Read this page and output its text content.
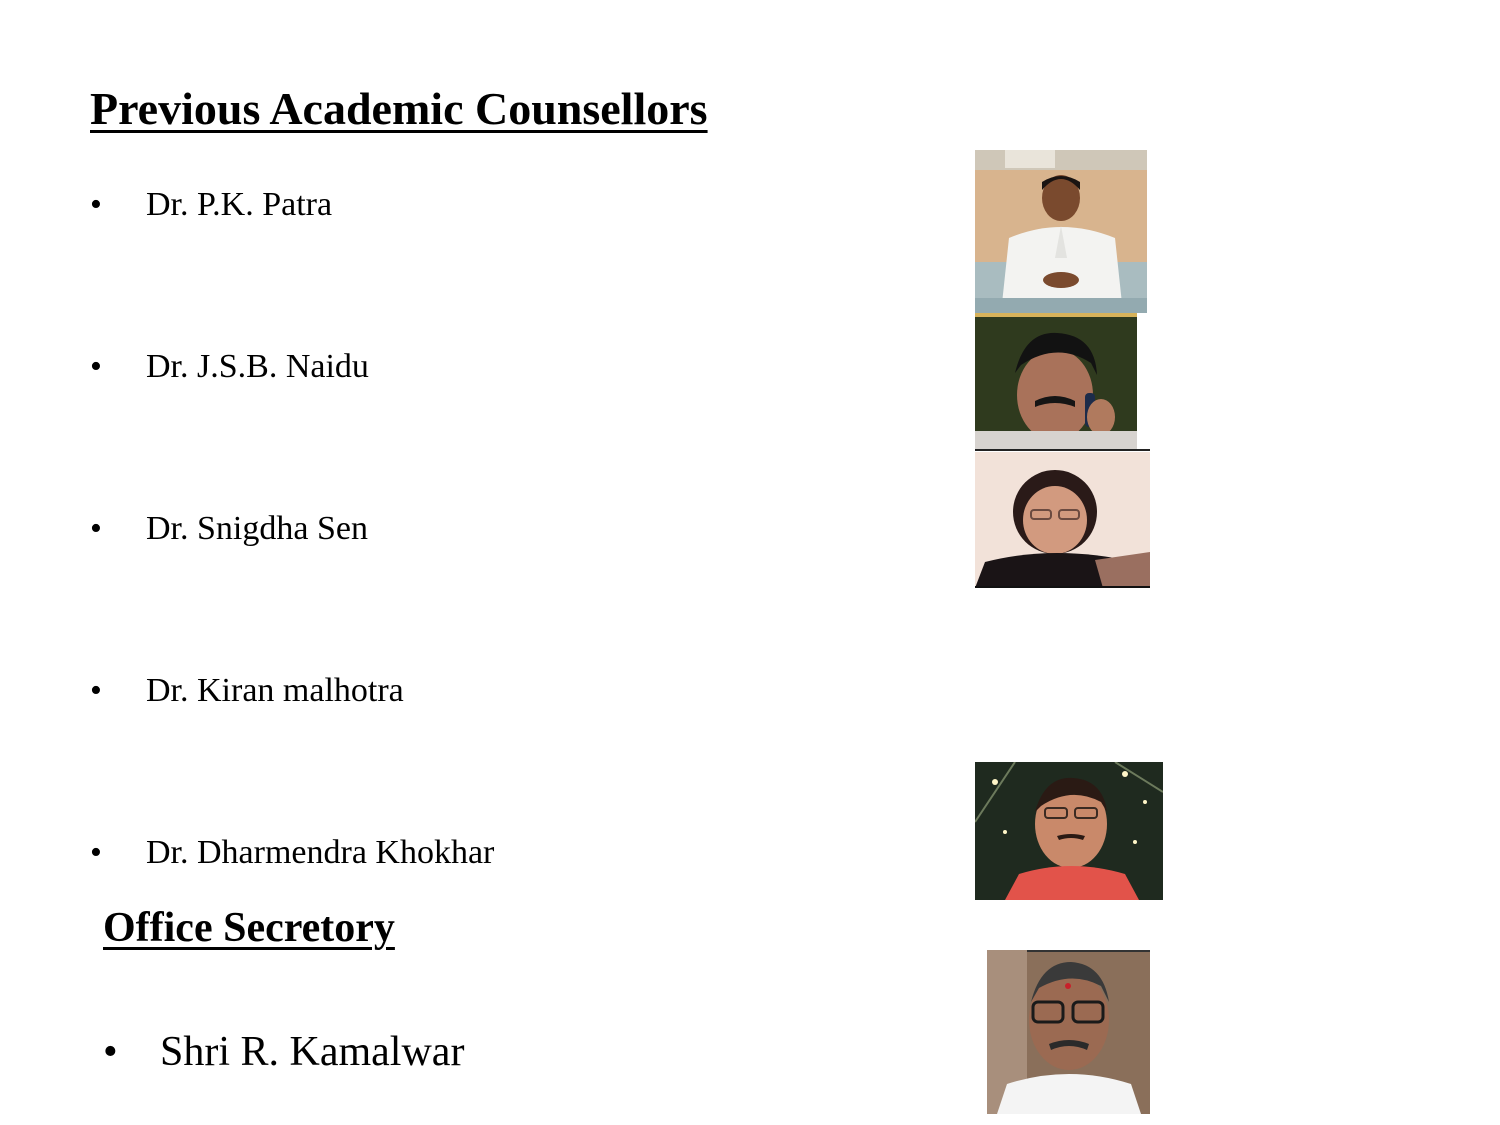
Previous Academic Counsellors
• Dr. P.K. Patra
• Dr. J.S.B. Naidu
• Dr. Snigdha Sen
• Dr. Kiran malhotra
• Dr. Dharmendra Khokhar
Office Secretory
• Shri R. Kamalwar
